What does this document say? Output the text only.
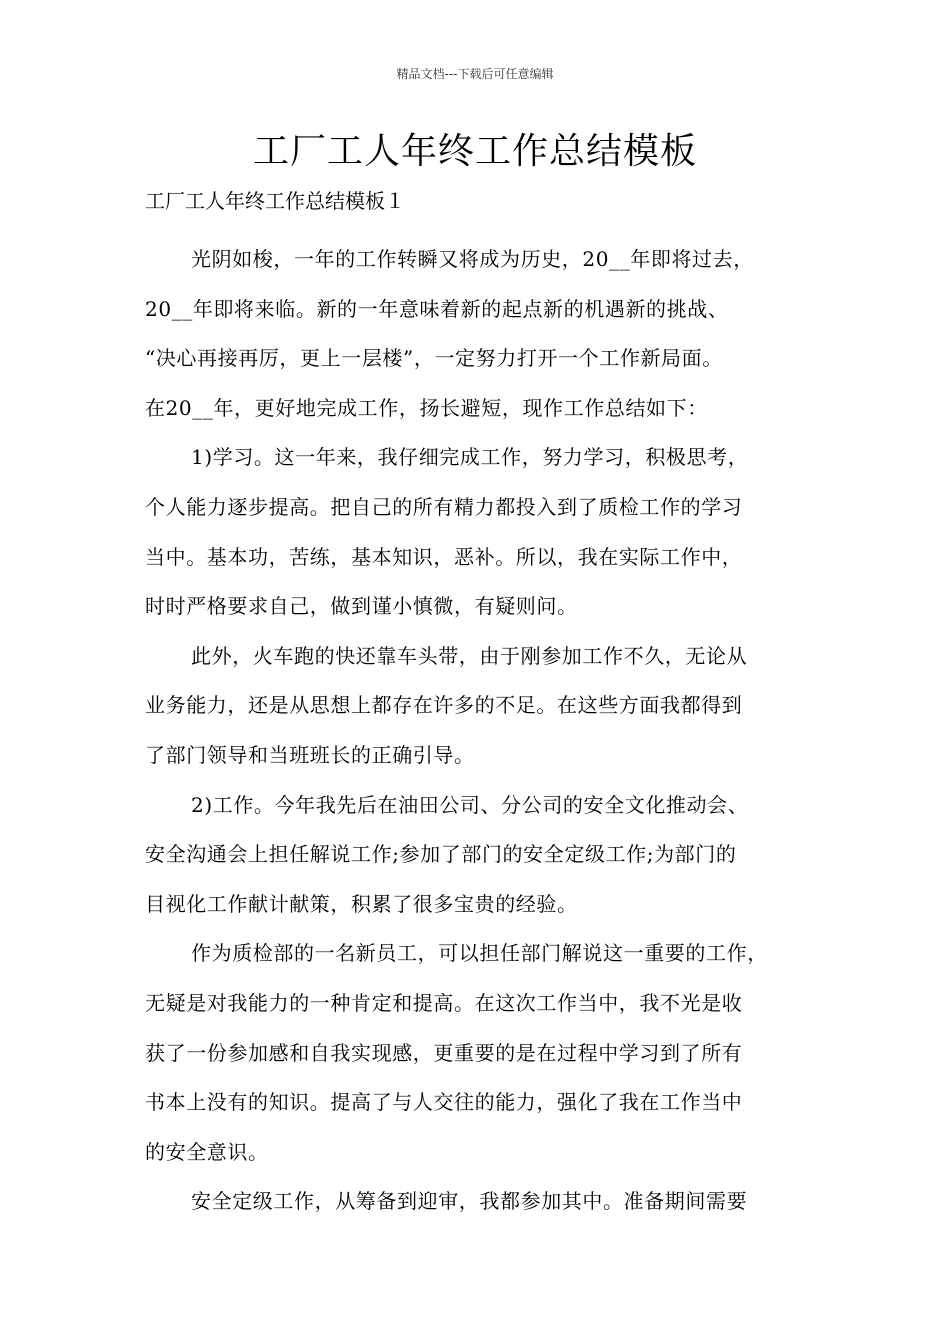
精品文档---下载后可任意编辑
工厂工人年终工作总结模板

工厂工人年终工作总结模板１

光阴如梭，一年的工作转瞬又将成为历史，20__年即将过去，
20__年即将来临。新的一年意味着新的起点新的机遇新的挑战、
“决心再接再厉，更上一层楼”，一定努力打开一个工作新局面。
在20__年，更好地完成工作，扬长避短，现作工作总结如下：
1)学习。这一年来，我仔细完成工作，努力学习，积极思考，
个人能力逐步提高。把自己的所有精力都投入到了质检工作的学习
当中。基本功，苦练，基本知识，恶补。所以，我在实际工作中，
时时严格要求自己，做到谨小慎微，有疑则问。
此外，火车跑的快还靠车头带，由于刚参加工作不久，无论从
业务能力，还是从思想上都存在许多的不足。在这些方面我都得到
了部门领导和当班班长的正确引导。
2)工作。今年我先后在油田公司、分公司的安全文化推动会、
安全沟通会上担任解说工作;参加了部门的安全定级工作;为部门的
目视化工作献计献策，积累了很多宝贵的经验。
作为质检部的一名新员工，可以担任部门解说这一重要的工作，
无疑是对我能力的一种肯定和提高。在这次工作当中，我不光是收
获了一份参加感和自我实现感，更重要的是在过程中学习到了所有
书本上没有的知识。提高了与人交往的能力，强化了我在工作当中
的安全意识。
安全定级工作，从筹备到迎审，我都参加其中。准备期间需要
